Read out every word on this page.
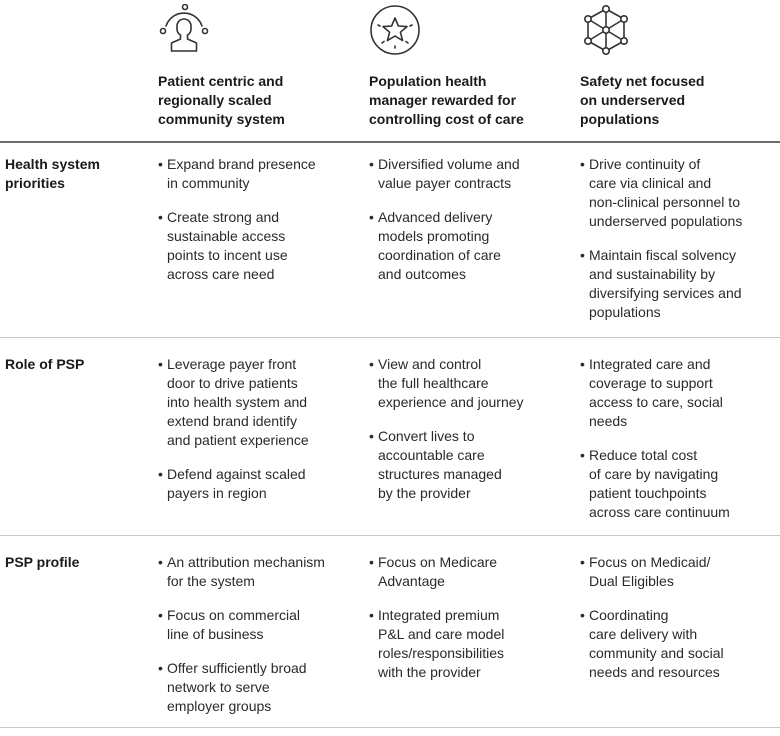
Patient centric and
regionally scaled
community system
Population health
manager rewarded for
controlling cost of care
Safety net focused
on underserved
populations
Health system
priorities
• Expand brand presence
in community
• Create strong and
sustainable access
points to incent use
across care need
• Diversified volume and
value payer contracts
• Advanced delivery
models promoting
coordination of care
and outcomes
• Drive continuity of
care via clinical and
non-clinical personnel to
underserved populations
• Maintain fiscal solvency
and sustainability by
diversifying services and
populations
Role of PSP	• Leverage payer front
door to drive patients
into health system and
extend brand identify
and patient experience
• Defend against scaled
payers in region
• View and control
the full healthcare
experience and journey
• Convert lives to
accountable care
structures managed
by the provider
• Integrated care and
coverage to support
access to care, social
needs
• Reduce total cost
of care by navigating
patient touchpoints
across care continuum
PSP profile	• An attribution mechanism
for the system
• Focus on commercial
line of business
• Offer sufficiently broad
network to serve
employer groups
• Focus on Medicare
Advantage
• Integrated premium
P&L and care model
roles/responsibilities
with the provider
• Focus on Medicaid/
Dual Eligibles
• Coordinating
care delivery with
community and social
needs and resources
